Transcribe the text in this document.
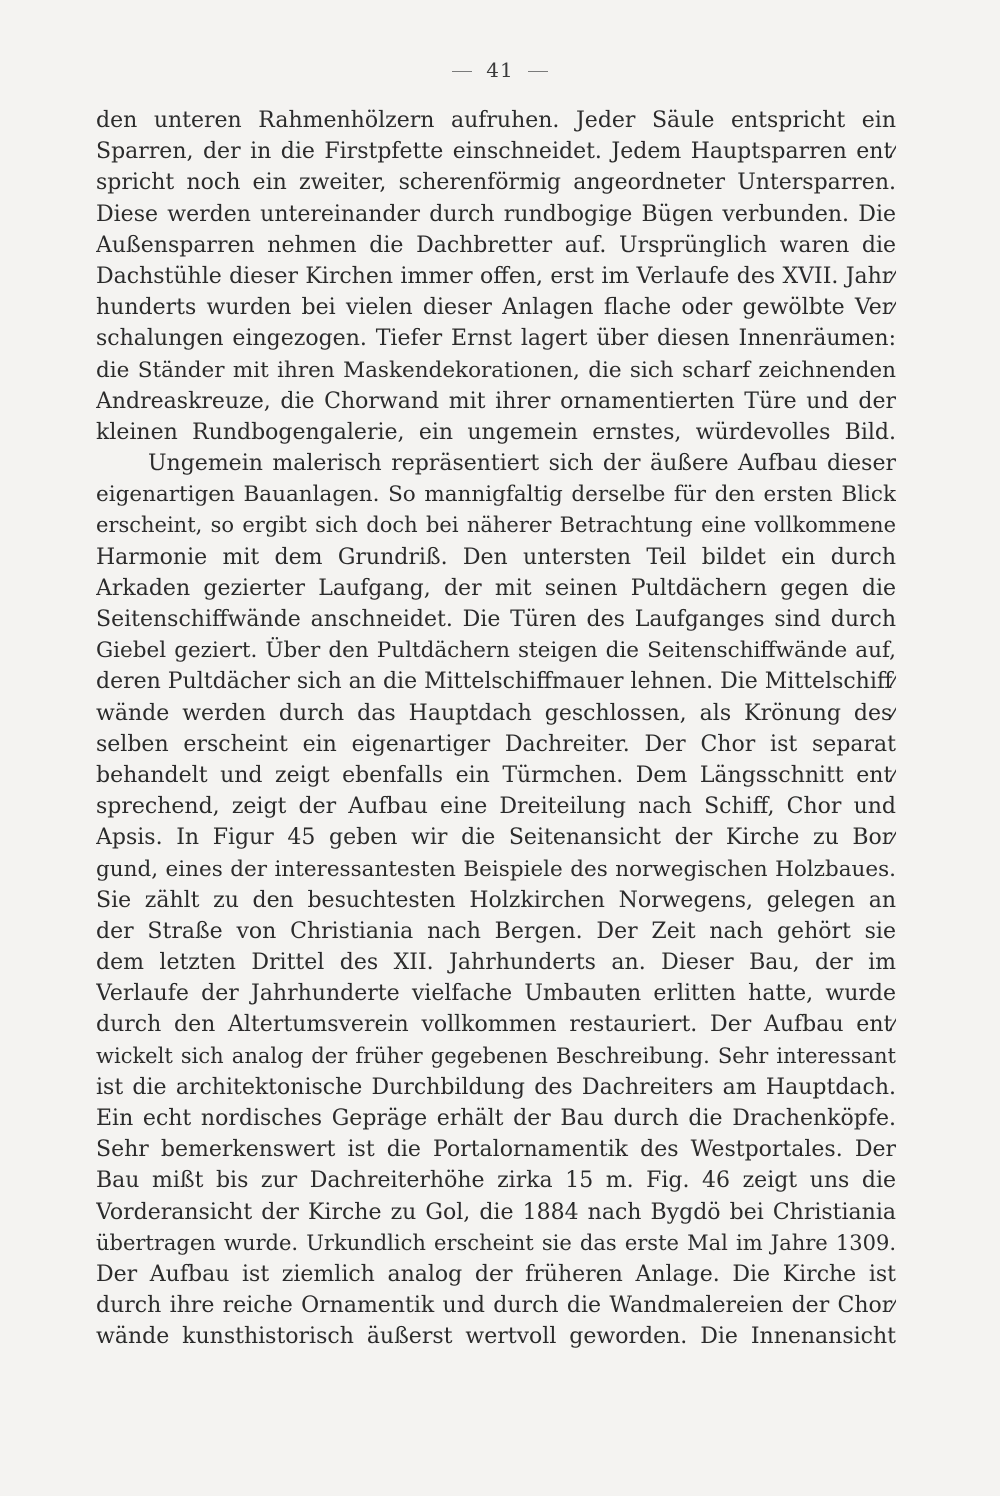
41
den unteren Rahmenhölzern aufruhen. Jeder Säule entspricht ein
Sparren, der in die Firstpfette einschneidet. Jedem Hauptsparren ent⁄
spricht noch ein zweiter, scherenförmig angeordneter Untersparren.
Diese werden untereinander durch rundbogige Bügen verbunden. Die
Außensparren nehmen die Dachbretter auf. Ursprünglich waren die
Dachstühle dieser Kirchen immer offen, erst im Verlaufe des XVII. Jahr⁄
hunderts wurden bei vielen dieser Anlagen flache oder gewölbte Ver⁄
schalungen eingezogen. Tiefer Ernst lagert über diesen Innenräumen:
die Ständer mit ihren Maskendekorationen, die sich scharf zeichnenden
Andreaskreuze, die Chorwand mit ihrer ornamentierten Türe und der
kleinen Rundbogengalerie, ein ungemein ernstes, würdevolles Bild.
Ungemein malerisch repräsentiert sich der äußere Aufbau dieser
eigenartigen Bauanlagen. So mannigfaltig derselbe für den ersten Blick
erscheint, so ergibt sich doch bei näherer Betrachtung eine vollkommene
Harmonie mit dem Grundriß. Den untersten Teil bildet ein durch
Arkaden gezierter Laufgang, der mit seinen Pultdächern gegen die
Seitenschiffwände anschneidet. Die Türen des Laufganges sind durch
Giebel geziert. Über den Pultdächern steigen die Seitenschiffwände auf,
deren Pultdächer sich an die Mittelschiffmauer lehnen. Die Mittelschiff⁄
wände werden durch das Hauptdach geschlossen, als Krönung des⁄
selben erscheint ein eigenartiger Dachreiter. Der Chor ist separat
behandelt und zeigt ebenfalls ein Türmchen. Dem Längsschnitt ent⁄
sprechend, zeigt der Aufbau eine Dreiteilung nach Schiff, Chor und
Apsis. In Figur 45 geben wir die Seitenansicht der Kirche zu Bor⁄
gund, eines der interessantesten Beispiele des norwegischen Holzbaues.
Sie zählt zu den besuchtesten Holzkirchen Norwegens, gelegen an
der Straße von Christiania nach Bergen. Der Zeit nach gehört sie
dem letzten Drittel des XII. Jahrhunderts an. Dieser Bau, der im
Verlaufe der Jahrhunderte vielfache Umbauten erlitten hatte, wurde
durch den Altertumsverein vollkommen restauriert. Der Aufbau ent⁄
wickelt sich analog der früher gegebenen Beschreibung. Sehr interessant
ist die architektonische Durchbildung des Dachreiters am Hauptdach.
Ein echt nordisches Gepräge erhält der Bau durch die Drachenköpfe.
Sehr bemerkenswert ist die Portalornamentik des Westportales. Der
Bau mißt bis zur Dachreiterhöhe zirka 15 m. Fig. 46 zeigt uns die
Vorderansicht der Kirche zu Gol, die 1884 nach Bygdö bei Christiania
übertragen wurde. Urkundlich erscheint sie das erste Mal im Jahre 1309.
Der Aufbau ist ziemlich analog der früheren Anlage. Die Kirche ist
durch ihre reiche Ornamentik und durch die Wandmalereien der Chor⁄
wände kunsthistorisch äußerst wertvoll geworden. Die Innenansicht
